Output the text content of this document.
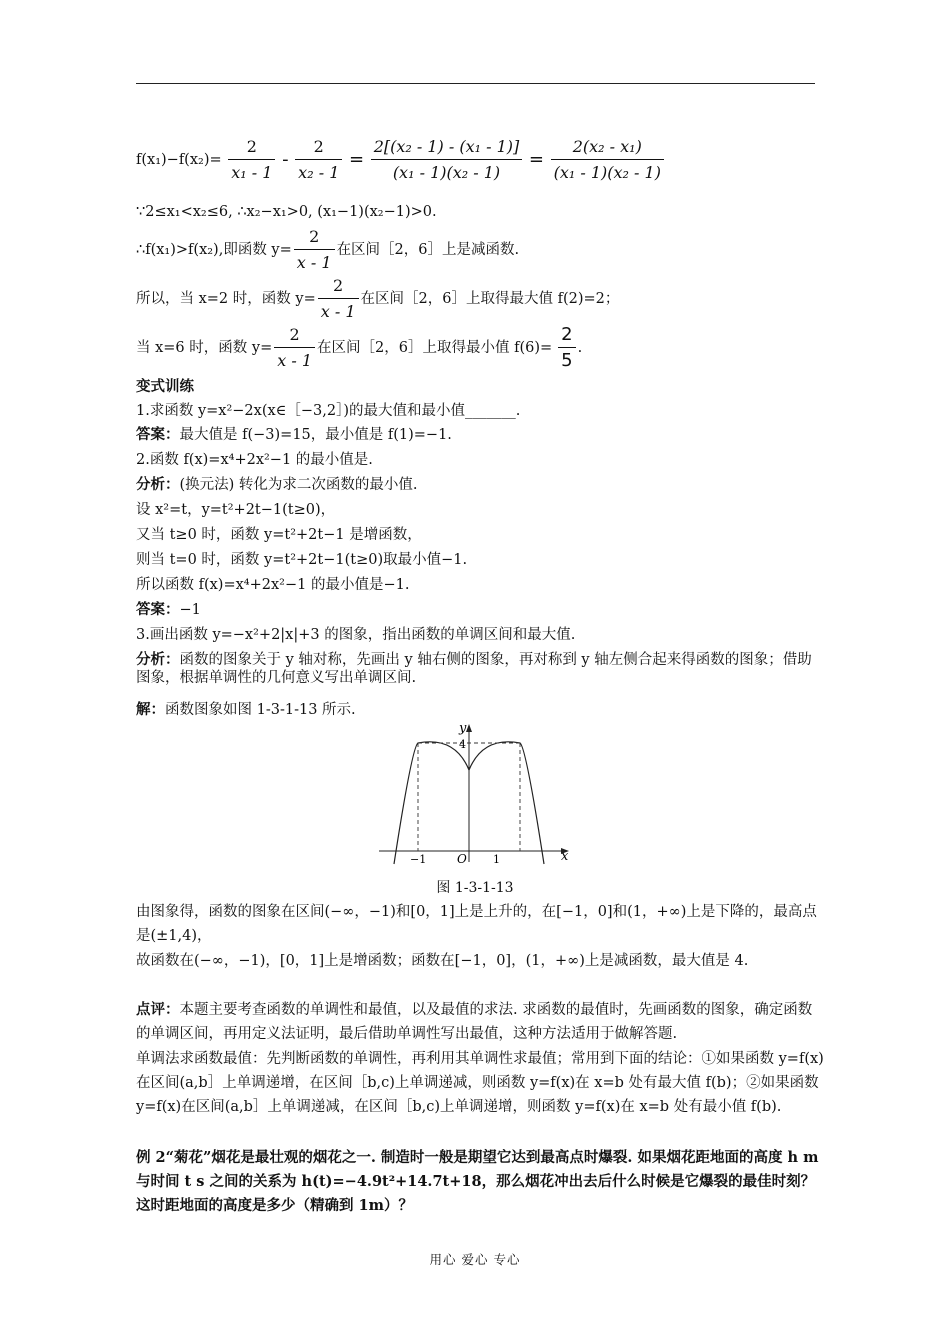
$f(x_1)-f(x_2)= \frac{2}{\text{x₁ - 1}} - \frac{2}{\text{x₂ - 1}} = \frac{\text{2[(x₂ - 1) - (x₁ - 1)]}}{\text{(x₁ - 1)(x₂ - 1)}} = \frac{\text{2(x₂ - x₁)}}{\text{(x₁ - 1)(x₂ - 1)}}$
∵2≤x₁<x₂≤6, ∴x₂−x₁>0, (x₁−1)(x₂−1)>0.
∴f(x₁)>f(x₂),即函数 $y= \frac{2}{x - 1}$ 在区间［2，6］上是减函数.
所以，当 x=2 时，函数 $y= \frac{2}{x - 1}$ 在区间［2，6］上取得最大值 f(2)=2；
当 x=6 时，函数 $y= \frac{2}{x - 1}$ 在区间［2，6］上取得最小值 $f(6)= \frac{2}{5}$ .
变式训练
1.求函数 y=x²−2x(x∈［−3,2］)的最大值和最小值_______.
答案：最大值是 f(−3)=15，最小值是 f(1)=−1.
2.函数 f(x)=x⁴+2x²−1 的最小值是.
分析：(换元法) 转化为求二次函数的最小值.
设 x²=t，y=t²+2t−1(t≥0)，
又当 t≥0 时，函数 y=t²+2t−1 是增函数，
则当 t=0 时，函数 y=t²+2t−1(t≥0)取最小值−1.
所以函数 f(x)=x⁴+2x²−1 的最小值是−1.
答案：−1
3.画出函数 y=−x²+2|x|+3 的图象，指出函数的单调区间和最大值.
分析：函数的图象关于 y 轴对称，先画出 y 轴右侧的图象，再对称到 y 轴左侧合起来得函数的图象；借助图象，根据单调性的几何意义写出单调区间.
解：函数图象如图 1-3-1-13 所示.
y
4
x
−1	O 1
图 1-3-1-13
由图象得，函数的图象在区间(−∞，−1)和[0，1]上是上升的，在[−1，0]和(1，+∞)上是下降的，最高点是(±1,4)，
故函数在(−∞，−1)，[0，1]上是增函数；函数在[−1，0]，(1，+∞)上是减函数，最大值是 4.
点评：本题主要考查函数的单调性和最值，以及最值的求法. 求函数的最值时，先画函数的图象，确定函数的单调区间，再用定义法证明，最后借助单调性写出最值，这种方法适用于做解答题.
单调法求函数最值：先判断函数的单调性，再利用其单调性求最值；常用到下面的结论：①如果函数 y=f(x)在区间(a,b］上单调递增，在区间［b,c)上单调递减，则函数 y=f(x)在 x=b 处有最大值 f(b)；②如果函数 y=f(x)在区间(a,b］上单调递减，在区间［b,c)上单调递增，则函数 y=f(x)在 x=b 处有最小值 f(b).
例 2“菊花”烟花是最壮观的烟花之一. 制造时一般是期望它达到最高点时爆裂. 如果烟花距地面的高度 h m 与时间 t s 之间的关系为 h(t)=−4.9t²+14.7t+18，那么烟花冲出去后什么时候是它爆裂的最佳时刻？这时距地面的高度是多少（精确到 1m）？
用心 爱心 专心
